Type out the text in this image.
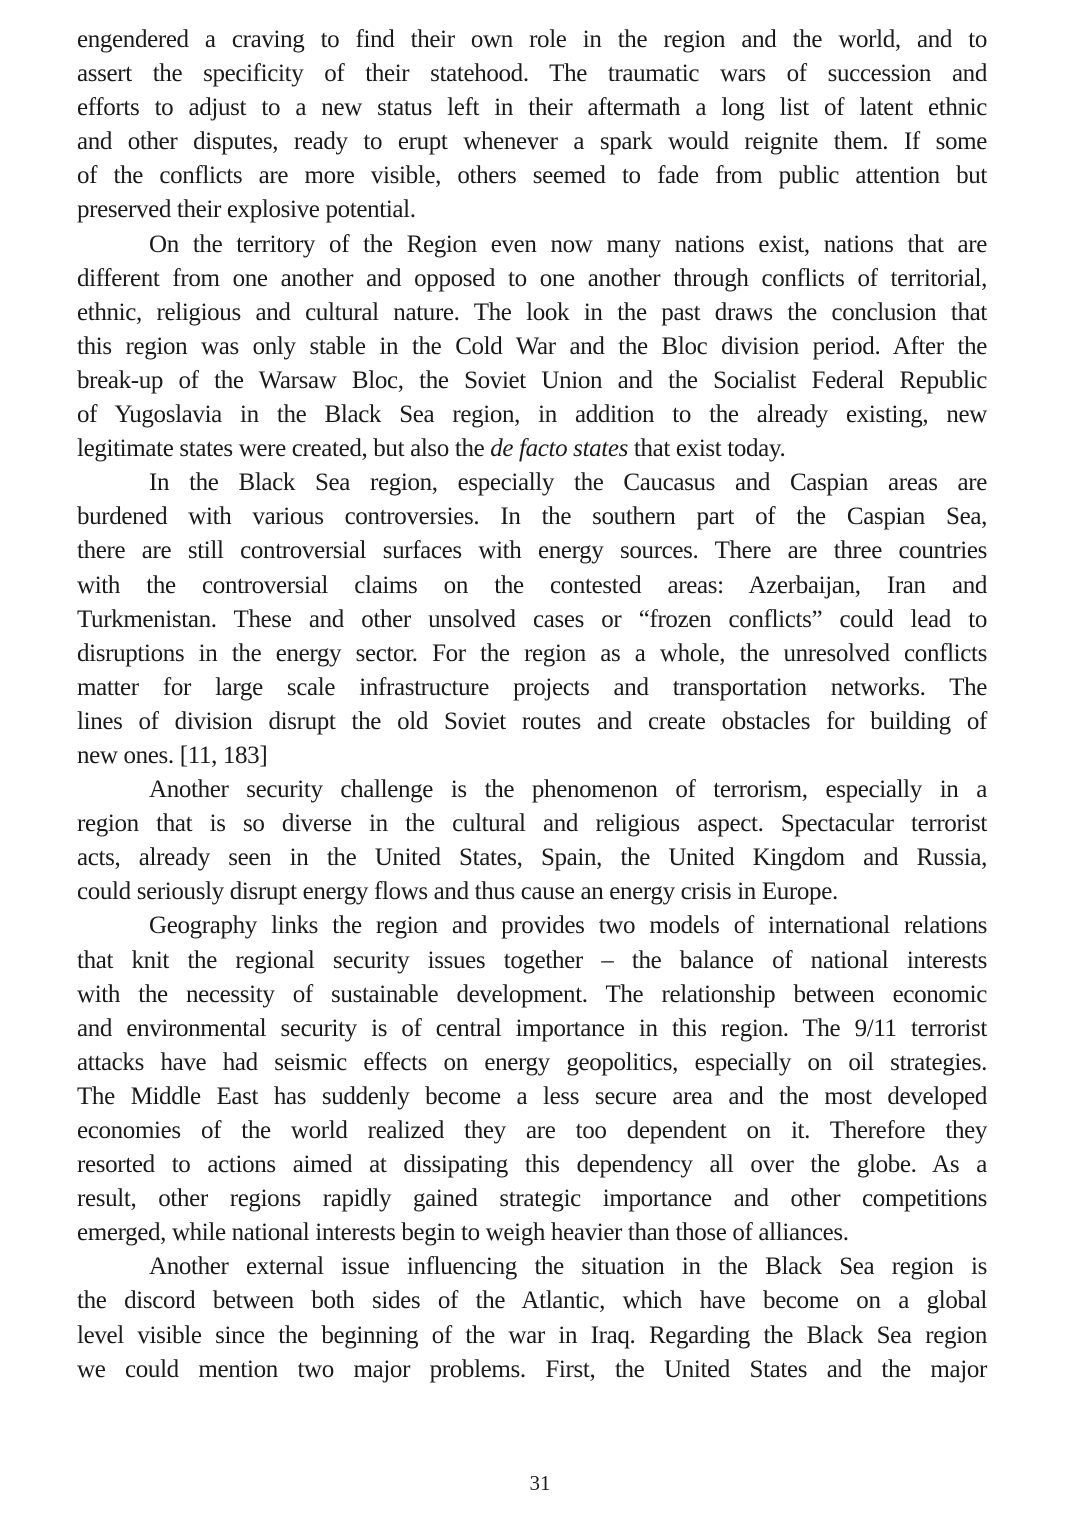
engendered a craving to find their own role in the region and the world, and to
assert the specificity of their statehood. The traumatic wars of succession and
efforts to adjust to a new status left in their aftermath a long list of latent ethnic
and other disputes, ready to erupt whenever a spark would reignite them. If some
of the conflicts are more visible, others seemed to fade from public attention but
preserved their explosive potential.
On the territory of the Region even now many nations exist, nations that are
different from one another and opposed to one another through conflicts of territorial,
ethnic, religious and cultural nature. The look in the past draws the conclusion that
this region was only stable in the Cold War and the Bloc division period. After the
break-up of the Warsaw Bloc, the Soviet Union and the Socialist Federal Republic
of Yugoslavia in the Black Sea region, in addition to the already existing, new
legitimate states were created, but also the de facto states that exist today.
In the Black Sea region, especially the Caucasus and Caspian areas are
burdened with various controversies. In the southern part of the Caspian Sea,
there are still controversial surfaces with energy sources. There are three countries
with the controversial claims on the contested areas: Azerbaijan, Iran and
Turkmenistan. These and other unsolved cases or “frozen conflicts” could lead to
disruptions in the energy sector. For the region as a whole, the unresolved conflicts
matter for large scale infrastructure projects and transportation networks. The
lines of division disrupt the old Soviet routes and create obstacles for building of
new ones. [11, 183]
Another security challenge is the phenomenon of terrorism, especially in a
region that is so diverse in the cultural and religious aspect. Spectacular terrorist
acts, already seen in the United States, Spain, the United Kingdom and Russia,
could seriously disrupt energy flows and thus cause an energy crisis in Europe.
Geography links the region and provides two models of international relations
that knit the regional security issues together – the balance of national interests
with the necessity of sustainable development. The relationship between economic
and environmental security is of central importance in this region. The 9/11 terrorist
attacks have had seismic effects on energy geopolitics, especially on oil strategies.
The Middle East has suddenly become a less secure area and the most developed
economies of the world realized they are too dependent on it. Therefore they
resorted to actions aimed at dissipating this dependency all over the globe. As a
result, other regions rapidly gained strategic importance and other competitions
emerged, while national interests begin to weigh heavier than those of alliances.
Another external issue influencing the situation in the Black Sea region is
the discord between both sides of the Atlantic, which have become on a global
level visible since the beginning of the war in Iraq. Regarding the Black Sea region
we could mention two major problems. First, the United States and the major
31
